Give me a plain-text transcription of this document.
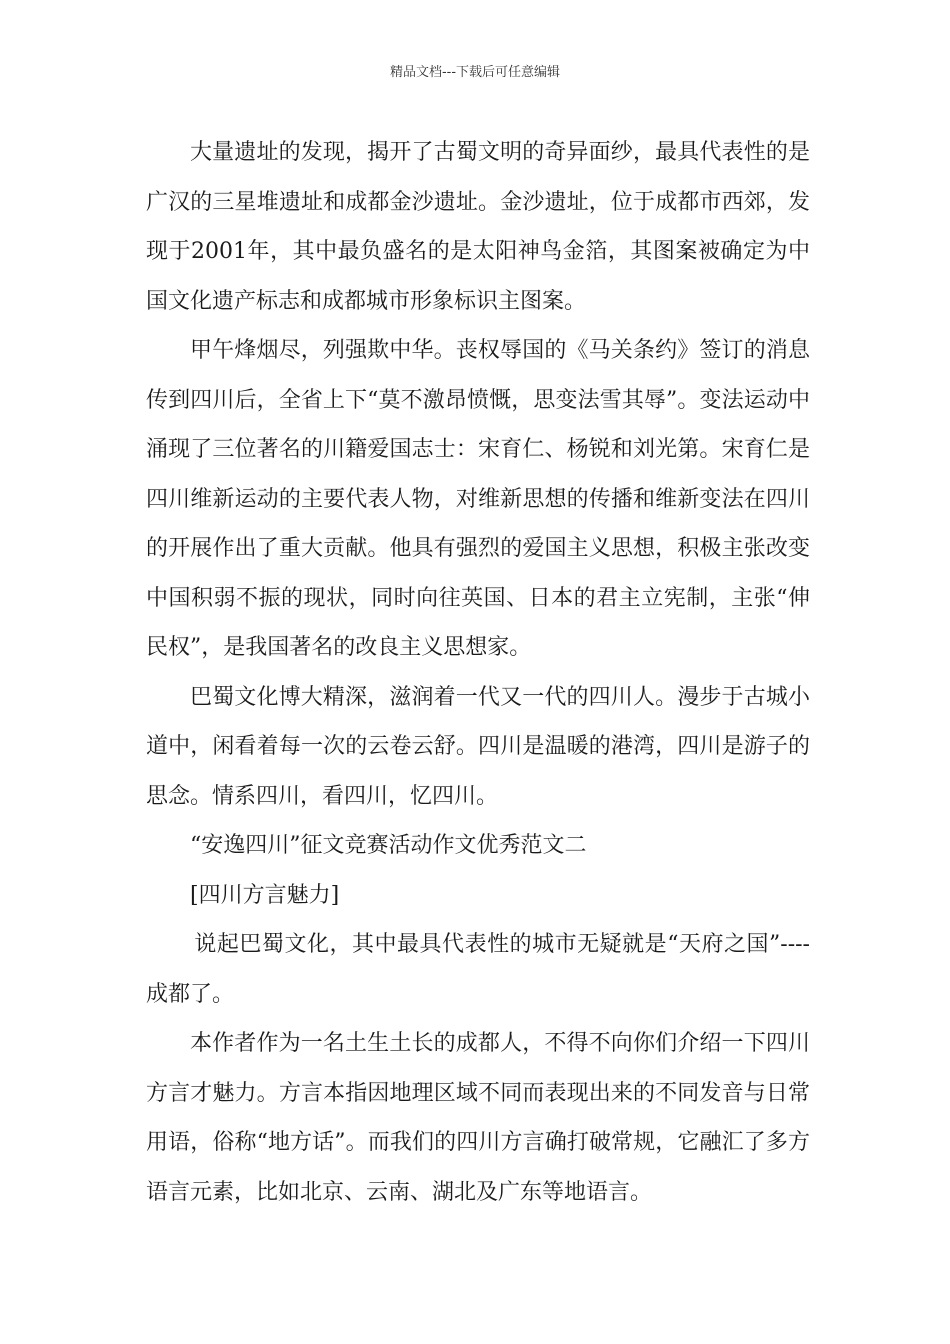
精品文档---下载后可任意编辑

大量遗址的发现，揭开了古蜀文明的奇异面纱，最具代表性的是广汉的三星堆遗址和成都金沙遗址。金沙遗址，位于成都市西郊，发现于2001年，其中最负盛名的是太阳神鸟金箔，其图案被确定为中国文化遗产标志和成都城市形象标识主图案。

甲午烽烟尽，列强欺中华。丧权辱国的《马关条约》签订的消息传到四川后，全省上下“莫不激昂愤慨，思变法雪其辱”。变法运动中涌现了三位著名的川籍爱国志士：宋育仁、杨锐和刘光第。宋育仁是四川维新运动的主要代表人物，对维新思想的传播和维新变法在四川的开展作出了重大贡献。他具有强烈的爱国主义思想，积极主张改变中国积弱不振的现状，同时向往英国、日本的君主立宪制，主张“伸民权”，是我国著名的改良主义思想家。

巴蜀文化博大精深，滋润着一代又一代的四川人。漫步于古城小道中，闲看着每一次的云卷云舒。四川是温暖的港湾，四川是游子的思念。情系四川，看四川，忆四川。

“安逸四川”征文竞赛活动作文优秀范文二

[四川方言魅力]

说起巴蜀文化，其中最具代表性的城市无疑就是“天府之国”----成都了。

本作者作为一名土生土长的成都人，不得不向你们介绍一下四川方言才魅力。方言本指因地理区域不同而表现出来的不同发音与日常用语，俗称“地方话”。而我们的四川方言确打破常规，它融汇了多方语言元素，比如北京、云南、湖北及广东等地语言。
